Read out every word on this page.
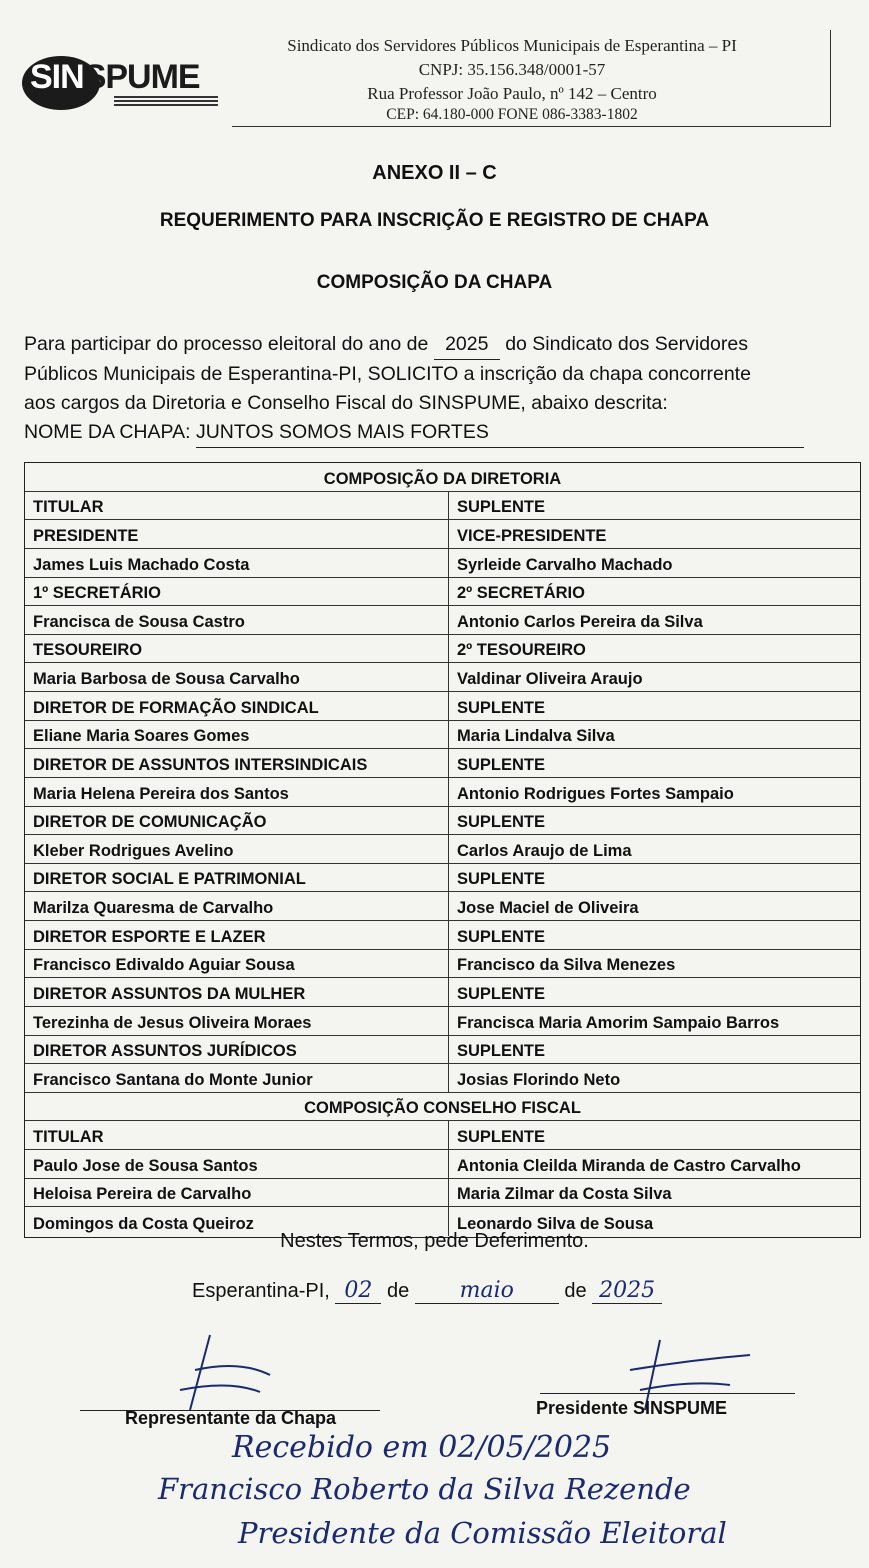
SINSPUME
Sindicato dos Servidores Públicos Municipais de Esperantina – PI
CNPJ: 35.156.348/0001-57
Rua Professor João Paulo, nº 142 – Centro
CEP: 64.180-000 FONE 086-3383-1802
ANEXO II – C
REQUERIMENTO PARA INSCRIÇÃO E REGISTRO DE CHAPA
COMPOSIÇÃO DA CHAPA
Para participar do processo eleitoral do ano de 2025 do Sindicato dos Servidores
Públicos Municipais de Esperantina-PI, SOLICITO a inscrição da chapa concorrente
aos cargos da Diretoria e Conselho Fiscal do SINSPUME, abaixo descrita:
NOME DA CHAPA: JUNTOS SOMOS MAIS FORTES
COMPOSIÇÃO DA DIRETORIA
TITULAR	SUPLENTE
PRESIDENTE	VICE-PRESIDENTE
James Luis Machado Costa	Syrleide Carvalho Machado
1º SECRETÁRIO	2º SECRETÁRIO
Francisca de Sousa Castro	Antonio Carlos Pereira da Silva
TESOUREIRO	2º TESOUREIRO
Maria Barbosa de Sousa Carvalho	Valdinar Oliveira Araujo
DIRETOR DE FORMAÇÃO SINDICAL	SUPLENTE
Eliane Maria Soares Gomes	Maria Lindalva Silva
DIRETOR DE ASSUNTOS INTERSINDICAIS	SUPLENTE
Maria Helena Pereira dos Santos	Antonio Rodrigues Fortes Sampaio
DIRETOR DE COMUNICAÇÃO	SUPLENTE
Kleber Rodrigues Avelino	Carlos Araujo de Lima
DIRETOR SOCIAL E PATRIMONIAL	SUPLENTE
Marilza Quaresma de Carvalho	Jose Maciel de Oliveira
DIRETOR ESPORTE E LAZER	SUPLENTE
Francisco Edivaldo Aguiar Sousa	Francisco da Silva Menezes
DIRETOR ASSUNTOS DA MULHER	SUPLENTE
Terezinha de Jesus Oliveira Moraes	Francisca Maria Amorim Sampaio Barros
DIRETOR ASSUNTOS JURÍDICOS	SUPLENTE
Francisco Santana do Monte Junior	Josias Florindo Neto
COMPOSIÇÃO CONSELHO FISCAL
TITULAR	SUPLENTE
Paulo Jose de Sousa Santos	Antonia Cleilda Miranda de Castro Carvalho
Heloisa Pereira de Carvalho	Maria Zilmar da Costa Silva
Domingos da Costa Queiroz	Leonardo Silva de Sousa
Nestes Termos, pede Deferimento.
Esperantina-PI, 02 de maio	de 2025
Representante da Chapa	Presidente SINSPUME
Recebido em 02/05/2025
Francisco Roberto da Silva Rezende
Presidente da Comissão Eleitoral
